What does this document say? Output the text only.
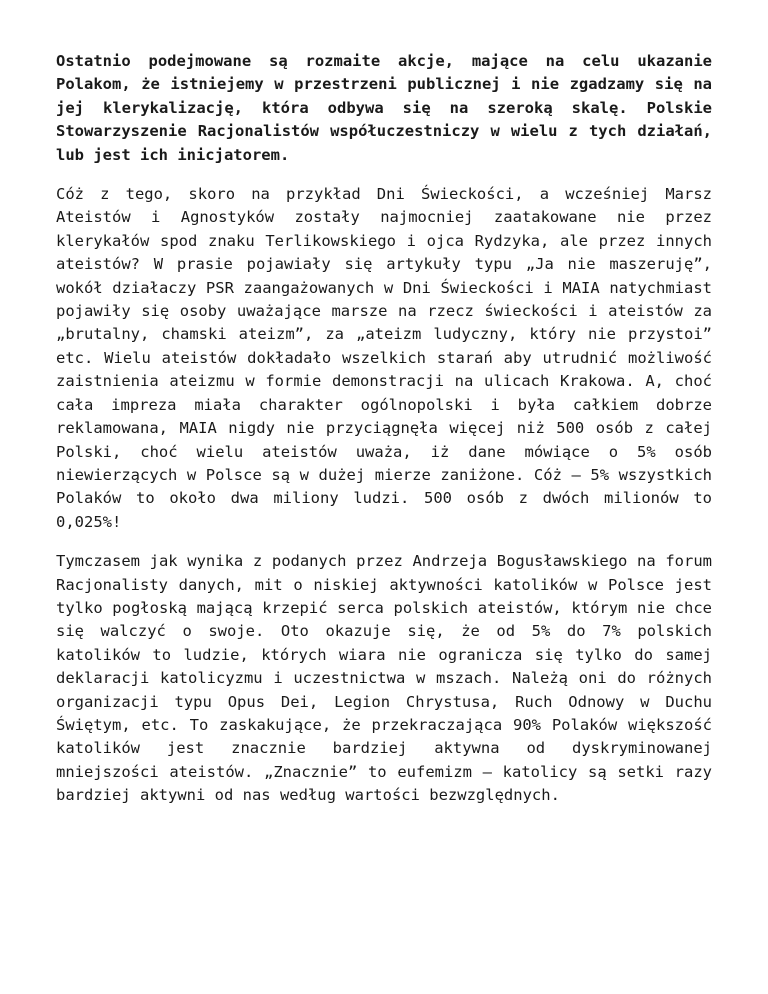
Ostatnio podejmowane są rozmaite akcje, mające na celu ukazanie Polakom, że istniejemy w przestrzeni publicznej i nie zgadzamy się na jej klerykalizację, która odbywa się na szeroką skalę. Polskie Stowarzyszenie Racjonalistów współuczestniczy w wielu z tych działań, lub jest ich inicjatorem.

Cóż z tego, skoro na przykład Dni Świeckości, a wcześniej Marsz Ateistów i Agnostyków zostały najmocniej zaatakowane nie przez klerykałów spod znaku Terlikowskiego i ojca Rydzyka, ale przez innych ateistów? W prasie pojawiały się artykuły typu „Ja nie maszeruję”, wokół działaczy PSR zaangażowanych w Dni Świeckości i MAIA natychmiast pojawiły się osoby uważające marsze na rzecz świeckości i ateistów za „brutalny, chamski ateizm”, za „ateizm ludyczny, który nie przystoi” etc. Wielu ateistów dokładało wszelkich starań aby utrudnić możliwość zaistnienia ateizmu w formie demonstracji na ulicach Krakowa. A, choć cała impreza miała charakter ogólnopolski i była całkiem dobrze reklamowana, MAIA nigdy nie przyciągnęła więcej niż 500 osób z całej Polski, choć wielu ateistów uważa, iż dane mówiące o 5% osób niewierzących w Polsce są w dużej mierze zaniżone. Cóż – 5% wszystkich Polaków to około dwa miliony ludzi. 500 osób z dwóch milionów to 0,025%!

Tymczasem jak wynika z podanych przez Andrzeja Bogusławskiego na forum Racjonalisty danych, mit o niskiej aktywności katolików w Polsce jest tylko pogłoską mającą krzepić serca polskich ateistów, którym nie chce się walczyć o swoje. Oto okazuje się, że od 5% do 7% polskich katolików to ludzie, których wiara nie ogranicza się tylko do samej deklaracji katolicyzmu i uczestnictwa w mszach. Należą oni do różnych organizacji typu Opus Dei, Legion Chrystusa, Ruch Odnowy w Duchu Świętym, etc. To zaskakujące, że przekraczająca 90% Polaków większość katolików jest znacznie bardziej aktywna od dyskryminowanej mniejszości ateistów. „Znacznie” to eufemizm – katolicy są setki razy bardziej aktywni od nas według wartości bezwzględnych.
